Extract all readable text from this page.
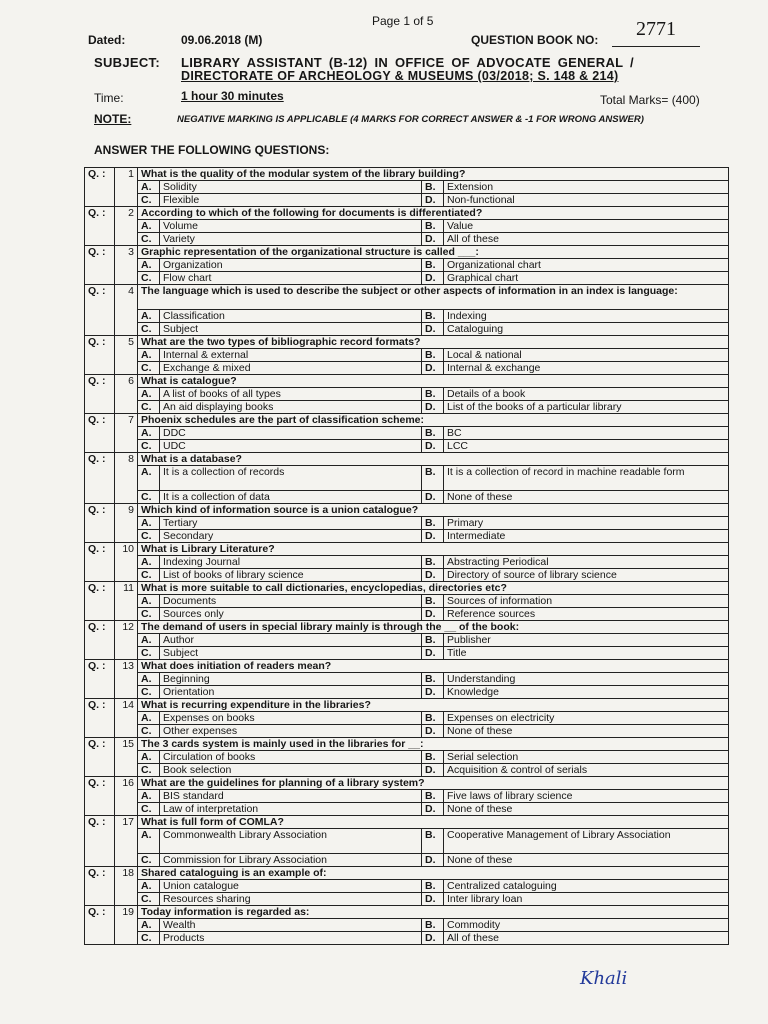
Page 1 of 5	2771
Dated:	09.06.2018 (M)	QUESTION BOOK NO:
SUBJECT: LIBRARY ASSISTANT (B-12) IN OFFICE OF ADVOCATE GENERAL /
DIRECTORATE OF ARCHEOLOGY & MUSEUMS (03/2018; S. 148 & 214)
Time:	1 hour 30 minutes	Total Marks= (400)
NOTE:	NEGATIVE MARKING IS APPLICABLE (4 MARKS FOR CORRECT ANSWER & -1 FOR WRONG ANSWER)
ANSWER THE FOLLOWING QUESTIONS:
Q. :	1	What is the quality of the modular system of the library building?			
		A.	Solidity	B.	Extension
		C.	Flexible	D.	Non-functional
Q. :	2	According to which of the following for documents is differentiated?			
		A.	Volume	B.	Value
		C.	Variety	D.	All of these
Q. :	3	Graphic representation of the organizational structure is called ___:			
		A.	Organization	B.	Organizational chart
		C.	Flow chart	D.	Graphical chart
Q. :	4	The language which is used to describe the subject or other aspects of information in an index is language:			
		A.	Classification	B.	Indexing
		C.	Subject	D.	Cataloguing
Q. :	5	What are the two types of bibliographic record formats?			
		A.	Internal & external	B.	Local & national
		C.	Exchange & mixed	D.	Internal & exchange
Q. :	6	What is catalogue?			
		A.	A list of books of all types	B.	Details of a book
		C.	An aid displaying books	D.	List of the books of a particular library
Q. :	7	Phoenix schedules are the part of classification scheme:			
		A.	DDC	B.	BC
		C.	UDC	D.	LCC
Q. :	8	What is a database?			
		A.	It is a collection of records	B.	It is a collection of record in machine readable form
		C.	It is a collection of data	D.	None of these
Q. :	9	Which kind of information source is a union catalogue?			
		A.	Tertiary	B.	Primary
		C.	Secondary	D.	Intermediate
Q. :	10	What is Library Literature?			
		A.	Indexing Journal	B.	Abstracting Periodical
		C.	List of books of library science	D.	Directory of source of library science
Q. :	11	What is more suitable to call dictionaries, encyclopedias, directories etc?			
		A.	Documents	B.	Sources of information
		C.	Sources only	D.	Reference sources
Q. :	12	The demand of users in special library mainly is through the __ of the book:			
		A.	Author	B.	Publisher
		C.	Subject	D.	Title
Q. :	13	What does initiation of readers mean?			
		A.	Beginning	B.	Understanding
		C.	Orientation	D.	Knowledge
Q. :	14	What is recurring expenditure in the libraries?			
		A.	Expenses on books	B.	Expenses on electricity
		C.	Other expenses	D.	None of these
Q. :	15	The 3 cards system is mainly used in the libraries for __:			
		A.	Circulation of books	B.	Serial selection
		C.	Book selection	D.	Acquisition & control of serials
Q. :	16	What are the guidelines for planning of a library system?			
		A.	BIS standard	B.	Five laws of library science
		C.	Law of interpretation	D.	None of these
Q. :	17	What is full form of COMLA?			
		A.	Commonwealth Library Association	B.	Cooperative Management of Library Association
		C.	Commission for Library Association	D.	None of these
Q. :	18	Shared cataloguing is an example of:			
		A.	Union catalogue	B.	Centralized cataloguing
		C.	Resources sharing	D.	Inter library loan
Q. :	19	Today information is regarded as:			
		A.	Wealth	B.	Commodity
		C.	Products	D.	All of these
Khali
